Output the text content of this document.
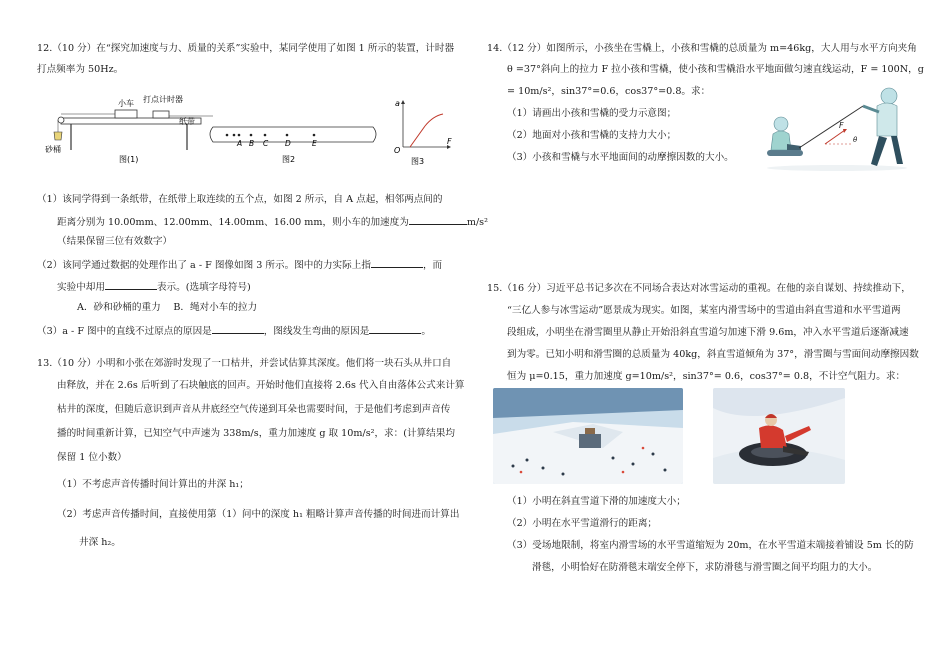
12.（10 分）在“探究加速度与力、质量的关系”实验中，某同学使用了如图 1 所示的装置，计时器
打点频率为 50Hz。
小车 打点计时器
纸带
砂桶
图(1)
A B C D	E
图2
a
F
O
图3
（1）该同学得到一条纸带，在纸带上取连续的五个点，如图 2 所示，自 A 点起，相邻两点间的
距离分别为 10.00mm、12.00mm、14.00mm、16.00 mm，则小车的加速度为	m/s²
（结果保留三位有效数字）
（2）该同学通过数据的处理作出了 a - F 图像如图 3 所示。图中的力实际上指	，而
实验中却用	表示。(选填字母符号)
A．砂和砂桶的重力　 B．绳对小车的拉力
（3）a - F 图中的直线不过原点的原因是	，图线发生弯曲的原因是	。
13.（10 分）小明和小张在郊游时发现了一口枯井，并尝试估算其深度。他们将一块石头从井口自
由释放，并在 2.6s 后听到了石块触底的回声。开始时他们直接将 2.6s 代入自由落体公式来计算
枯井的深度，但随后意识到声音从井底经空气传递到耳朵也需要时间，于是他们考虑到声音传
播的时间重新计算，已知空气中声速为 338m/s，重力加速度 g 取 10m/s²，求：(计算结果均
保留 1 位小数）
（1）不考虑声音传播时间计算出的井深 h₁；
（2）考虑声音传播时间，直接使用第（1）问中的深度 h₁ 粗略计算声音传播的时间进而计算出
井深 h₂。
14.（12 分）如图所示，小孩坐在雪橇上，小孩和雪橇的总质量为 m=46kg，大人用与水平方向夹角
θ =37°斜向上的拉力 F 拉小孩和雪橇，使小孩和雪橇沿水平地面做匀速直线运动，F = 100N，g
= 10m/s²，sin37°=0.6，cos37°=0.8。求：
（1）请画出小孩和雪橇的受力示意图；
（2）地面对小孩和雪橇的支持力大小；
（3）小孩和雪橇与水平地面间的动摩擦因数的大小。
F
θ
15.（16 分）习近平总书记多次在不同场合表达对冰雪运动的重视。在他的亲自谋划、持续推动下，
“三亿人参与冰雪运动”愿景成为现实。如图，某室内滑雪场中的雪道由斜直雪道和水平雪道两
段组成，小明坐在滑雪圈里从静止开始沿斜直雪道匀加速下滑 9.6m，冲入水平雪道后逐渐减速
到为零。已知小明和滑雪圈的总质量为 40kg，斜直雪道倾角为 37°，滑雪圈与雪面间动摩擦因数
恒为 μ=0.15，重力加速度 g=10m/s²，sin37°= 0.6，cos37°= 0.8，不计空气阻力。求：
（1）小明在斜直雪道下滑的加速度大小；
（2）小明在水平雪道滑行的距离；
（3）受场地限制，将室内滑雪场的水平雪道缩短为 20m，在水平雪道末端接着铺设 5m 长的防
滑毯，小明恰好在防滑毯末端安全停下，求防滑毯与滑雪圈之间平均阻力的大小。
